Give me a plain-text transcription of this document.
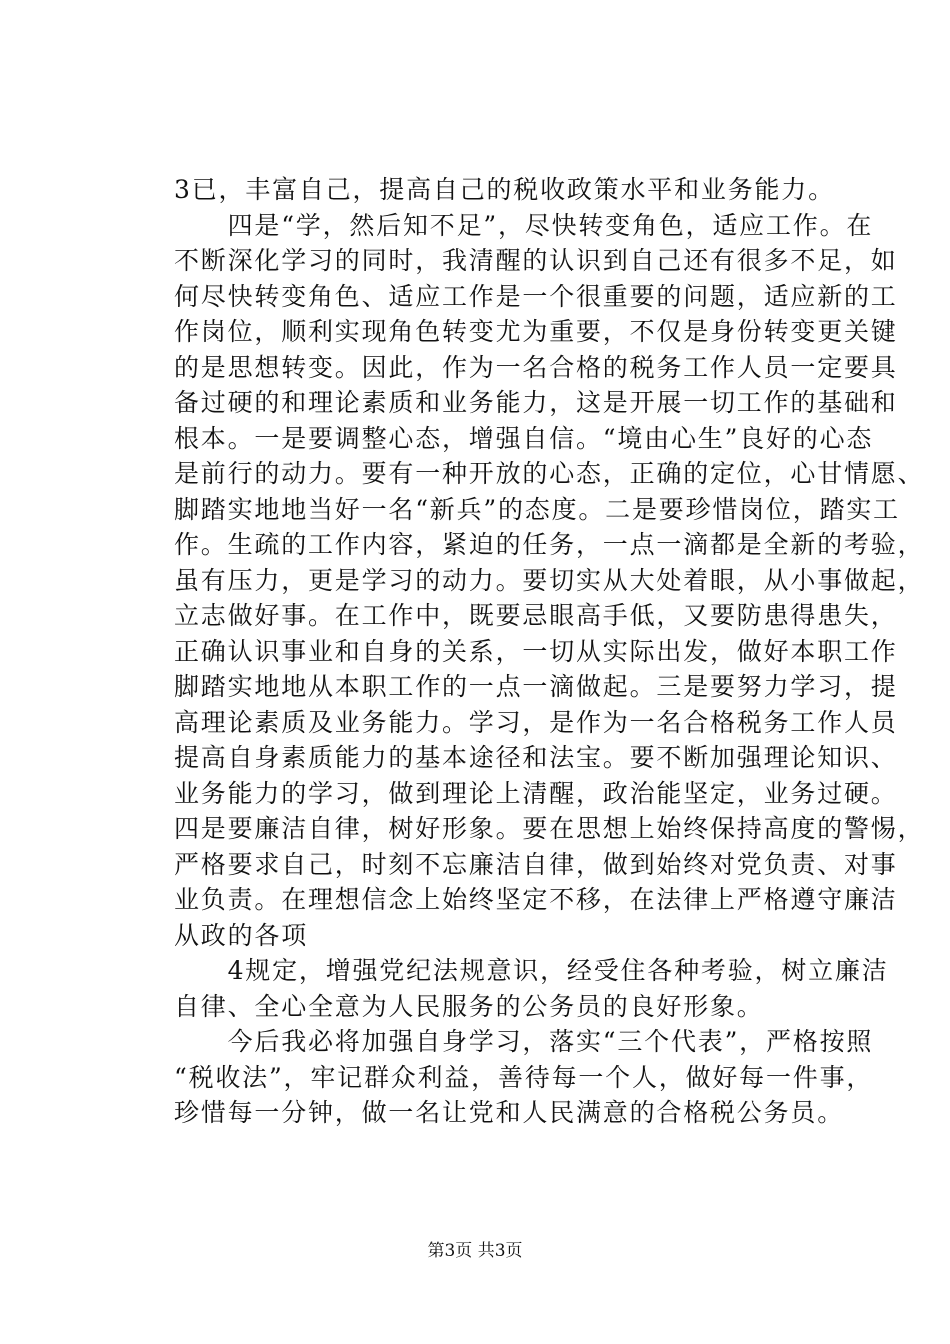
3已，丰富自己，提高自己的税收政策水平和业务能力。
　　四是“学，然后知不足”，尽快转变角色，适应工作。在
不断深化学习的同时，我清醒的认识到自己还有很多不足，如
何尽快转变角色、适应工作是一个很重要的问题，适应新的工
作岗位，顺利实现角色转变尤为重要，不仅是身份转变更关键
的是思想转变。因此，作为一名合格的税务工作人员一定要具
备过硬的和理论素质和业务能力，这是开展一切工作的基础和
根本。一是要调整心态，增强自信。“境由心生”良好的心态
是前行的动力。要有一种开放的心态，正确的定位，心甘情愿、
脚踏实地地当好一名“新兵”的态度。二是要珍惜岗位，踏实工
作。生疏的工作内容，紧迫的任务，一点一滴都是全新的考验，
虽有压力，更是学习的动力。要切实从大处着眼，从小事做起，
立志做好事。在工作中，既要忌眼高手低，又要防患得患失，
正确认识事业和自身的关系，一切从实际出发，做好本职工作
脚踏实地地从本职工作的一点一滴做起。三是要努力学习，提
高理论素质及业务能力。学习，是作为一名合格税务工作人员
提高自身素质能力的基本途径和法宝。要不断加强理论知识、
业务能力的学习，做到理论上清醒，政治能坚定，业务过硬。
四是要廉洁自律，树好形象。要在思想上始终保持高度的警惕，
严格要求自己，时刻不忘廉洁自律，做到始终对党负责、对事
业负责。在理想信念上始终坚定不移，在法律上严格遵守廉洁
从政的各项
　　4规定，增强党纪法规意识，经受住各种考验，树立廉洁
自律、全心全意为人民服务的公务员的良好形象。
　　今后我必将加强自身学习，落实“三个代表”，严格按照
“税收法”，牢记群众利益，善待每一个人，做好每一件事，
珍惜每一分钟，做一名让党和人民满意的合格税公务员。
第3页 共3页
